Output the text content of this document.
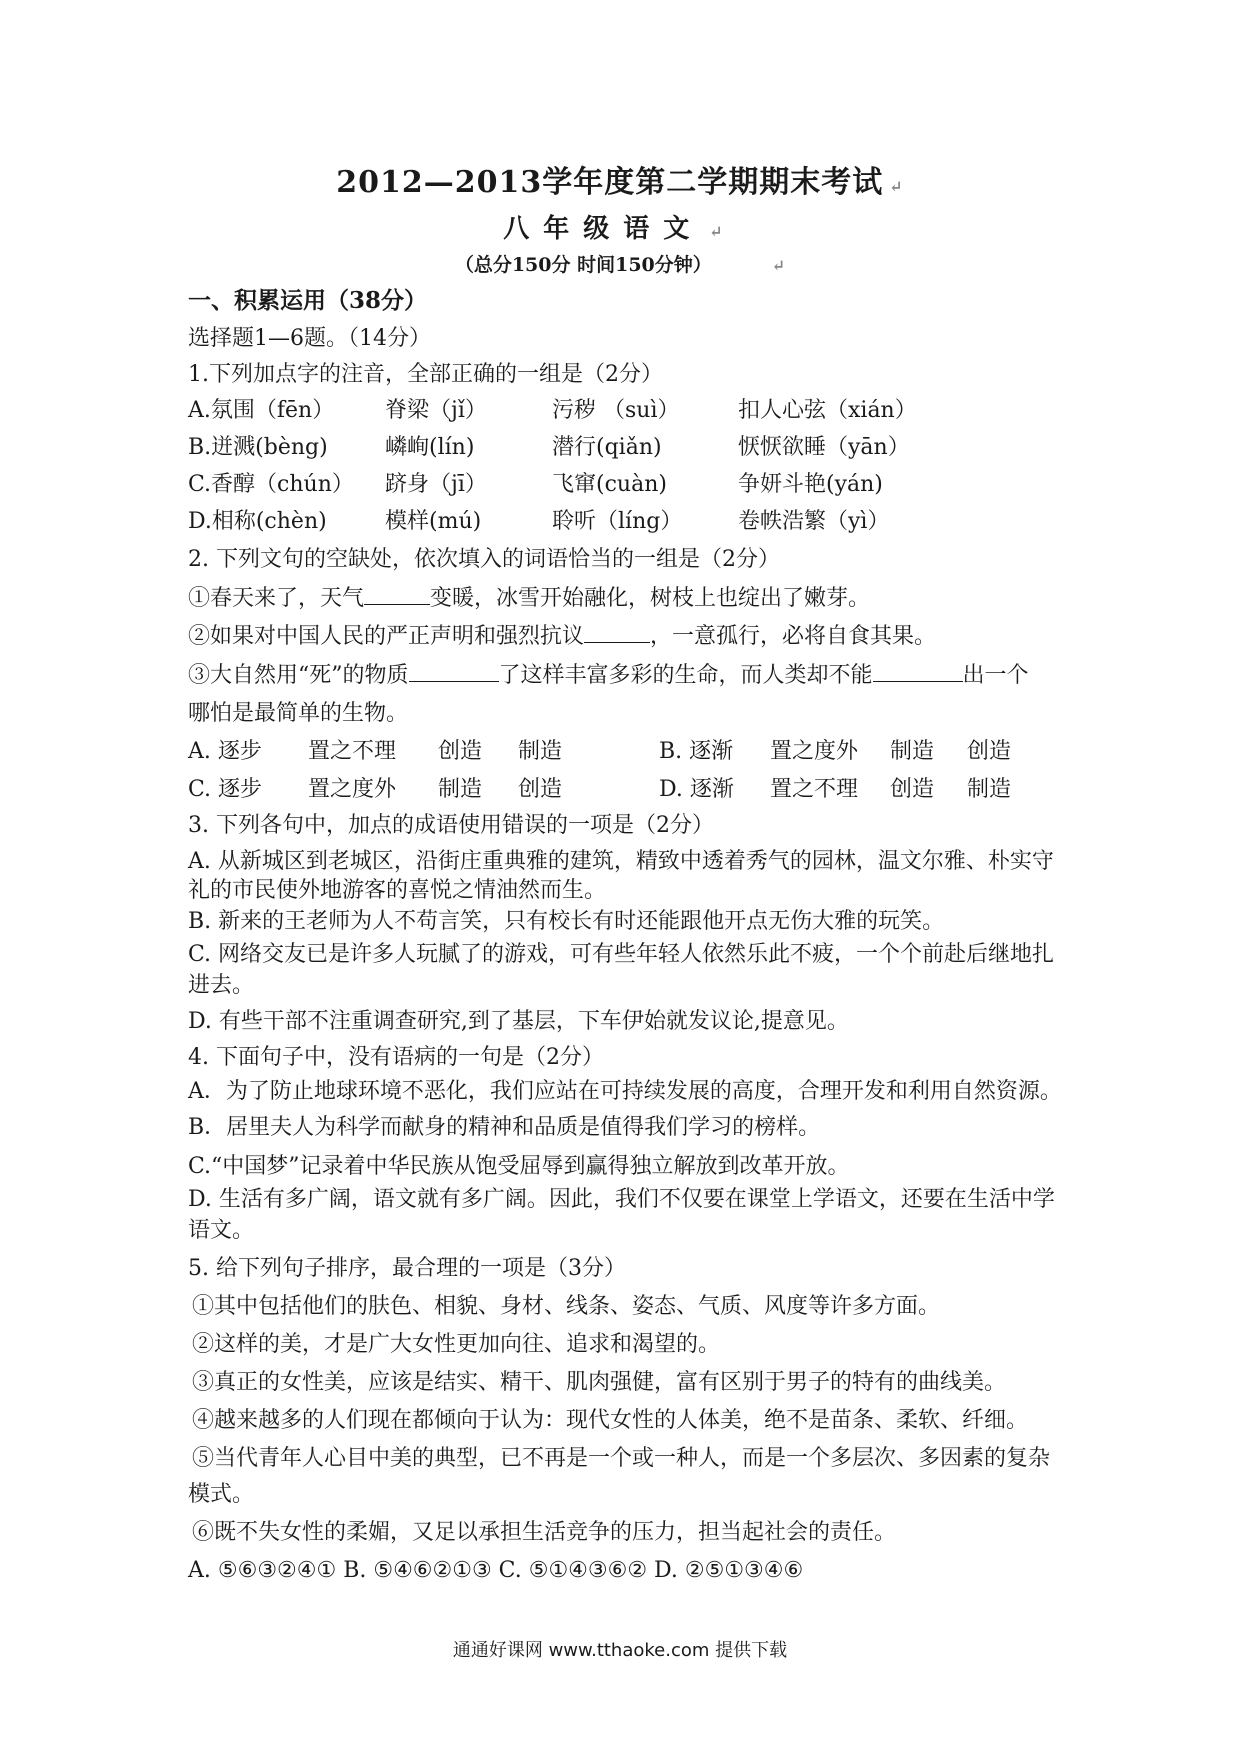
2012—2013学年度第二学期期末考试 ↵
八年级语文 ↵
（总分150分 时间150分钟）	↵
一、积累运用（38分）
选择题1—6题。（14分）
1.下列加点字的注音，全部正确的一组是（2分）
A.氛围（fēn） 脊梁（jǐ）	污秽 （suì）	扣人心弦（xián）
B.迸溅(bèng)	嶙峋(lín)	潜行(qiǎn)	恹恹欲睡（yān）
C.香醇（chún） 跻身（jī）	飞窜(cuàn)	争妍斗艳(yán)
D.相称(chèn)	模样(mú)	聆听（líng）	卷帙浩繁（yì）
2. 下列文句的空缺处，依次填入的词语恰当的一组是（2分）
①春天来了，天气	变暖，冰雪开始融化，树枝上也绽出了嫩芽。
②如果对中国人民的严正声明和强烈抗议	，一意孤行，必将自食其果。
③大自然用“死”的物质	了这样丰富多彩的生命，而人类却不能	出一个
哪怕是最简单的生物。
A. 逐步 置之不理 创造 制造	B. 逐渐 置之度外 制造 创造
C. 逐步 置之度外 制造 创造	D. 逐渐 置之不理 创造 制造
3. 下列各句中，加点的成语使用错误的一项是（2分）
A. 从新城区到老城区，沿街庄重典雅的建筑，精致中透着秀气的园林，温文尔雅、朴实守
礼的市民使外地游客的喜悦之情油然而生。
B. 新来的王老师为人不苟言笑，只有校长有时还能跟他开点无伤大雅的玩笑。
C. 网络交友已是许多人玩腻了的游戏，可有些年轻人依然乐此不疲，一个个前赴后继地扎
进去。
D. 有些干部不注重调查研究,到了基层，下车伊始就发议论,提意见。
4. 下面句子中，没有语病的一句是（2分）
A．为了防止地球环境不恶化，我们应站在可持续发展的高度，合理开发和利用自然资源。
B．居里夫人为科学而献身的精神和品质是值得我们学习的榜样。
C.“中国梦”记录着中华民族从饱受屈辱到赢得独立解放到改革开放。
D. 生活有多广阔，语文就有多广阔。因此，我们不仅要在课堂上学语文，还要在生活中学
语文。
5. 给下列句子排序，最合理的一项是（3分）
①其中包括他们的肤色、相貌、身材、线条、姿态、气质、风度等许多方面。
②这样的美，才是广大女性更加向往、追求和渴望的。
③真正的女性美，应该是结实、精干、肌肉强健，富有区别于男子的特有的曲线美。
④越来越多的人们现在都倾向于认为：现代女性的人体美，绝不是苗条、柔软、纤细。
⑤当代青年人心目中美的典型，已不再是一个或一种人，而是一个多层次、多因素的复杂
模式。
⑥既不失女性的柔媚，又足以承担生活竞争的压力，担当起社会的责任。
A. ⑤⑥③②④① B. ⑤④⑥②①③ C. ⑤①④③⑥② D. ②⑤①③④⑥
通通好课网 www.tthaoke.com 提供下载
